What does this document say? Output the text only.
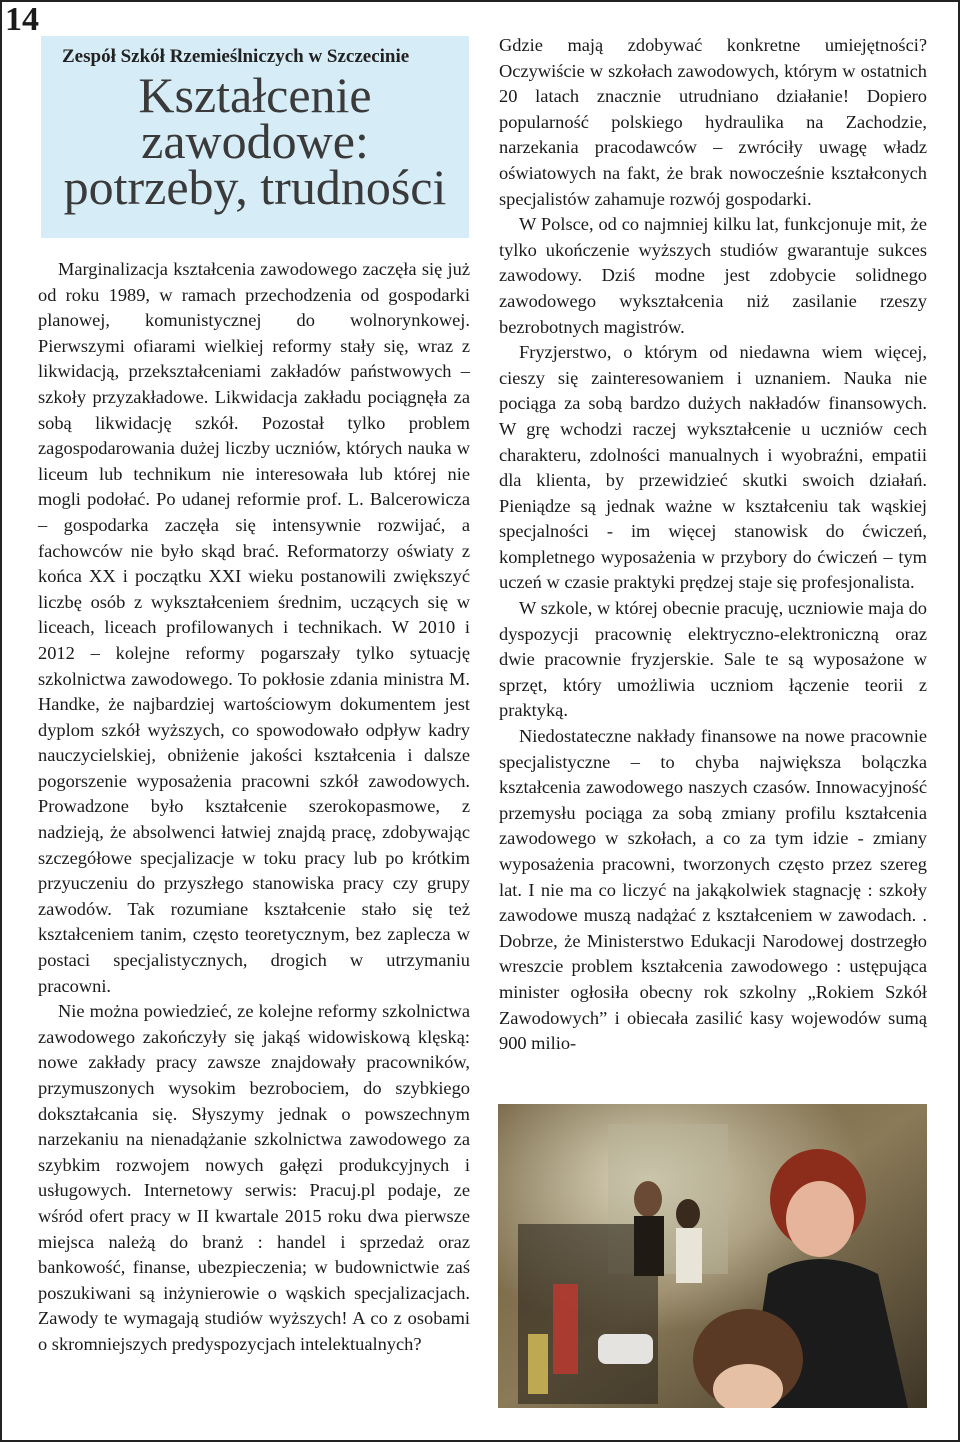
14
Zespół Szkół Rzemieślniczych w Szczecinie
Kształcenie
zawodowe:
potrzeby, trudności

Marginalizacja kształcenia zawodowego zaczęła się już od roku 1989, w ramach przechodzenia od gospodarki planowej, komunistycznej do wolnorynkowej. Pierwszymi ofiarami wielkiej reformy stały się, wraz z likwidacją, przekształceniami zakładów państwowych – szkoły przyzakładowe. Likwidacja zakładu pociągnęła za sobą likwidację szkół. Pozostał tylko problem zagospodarowania dużej liczby uczniów, których nauka w liceum lub technikum nie interesowała lub której nie mogli podołać. Po udanej reformie prof. L. Balcerowicza – gospodarka zaczęła się intensywnie rozwijać, a fachowców nie było skąd brać. Reformatorzy oświaty z końca XX i początku XXI wieku postanowili zwiększyć liczbę osób z wykształceniem średnim, uczących się w liceach, liceach profilowanych i technikach. W 2010 i 2012 – kolejne reformy pogarszały tylko sytuację szkolnictwa zawodowego. To pokłosie zdania ministra M. Handke, że najbardziej wartościowym dokumentem jest dyplom szkół wyższych, co spowodowało odpływ kadry nauczycielskiej, obniżenie jakości kształcenia i dalsze pogorszenie wyposażenia pracowni szkół zawodowych. Prowadzone było kształcenie szerokopasmowe, z nadzieją, że absolwenci łatwiej znajdą pracę, zdobywając szczegółowe specjalizacje w toku pracy lub po krótkim przyuczeniu do przyszłego stanowiska pracy czy grupy zawodów. Tak rozumiane kształcenie stało się też kształceniem tanim, często teoretycznym, bez zaplecza w postaci specjalistycznych, drogich w utrzymaniu pracowni.

Nie można powiedzieć, ze kolejne reformy szkolnictwa zawodowego zakończyły się jakąś widowiskową klęską: nowe zakłady pracy zawsze znajdowały pracowników, przymuszonych wysokim bezrobociem, do szybkiego dokształcania się. Słyszymy jednak o powszechnym narzekaniu na nienadążanie szkolnictwa zawodowego za szybkim rozwojem nowych gałęzi produkcyjnych i usługowych. Internetowy serwis: Pracuj.pl podaje, ze wśród ofert pracy w II kwartale 2015 roku dwa pierwsze miejsca należą do branż : handel i sprzedaż oraz bankowość, finanse, ubezpieczenia; w budownictwie zaś poszukiwani są inżynierowie o wąskich specjalizacjach. Zawody te wymagają studiów wyższych! A co z osobami o skromniejszych predyspozycjach intelektualnych?

Gdzie mają zdobywać konkretne umiejętności? Oczywiście w szkołach zawodowych, którym w ostatnich 20 latach znacznie utrudniano działanie! Dopiero popularność polskiego hydraulika na Zachodzie, narzekania pracodawców – zwróciły uwagę władz oświatowych na fakt, że brak nowocześnie kształconych specjalistów zahamuje rozwój gospodarki.

W Polsce, od co najmniej kilku lat, funkcjonuje mit, że tylko ukończenie wyższych studiów gwarantuje sukces zawodowy. Dziś modne jest zdobycie solidnego zawodowego wykształcenia niż zasilanie rzeszy bezrobotnych magistrów.

Fryzjerstwo, o którym od niedawna wiem więcej, cieszy się zainteresowaniem i uznaniem. Nauka nie pociąga za sobą bardzo dużych nakładów finansowych. W grę wchodzi raczej wykształcenie u uczniów cech charakteru, zdolności manualnych i wyobraźni, empatii dla klienta, by przewidzieć skutki swoich działań. Pieniądze są jednak ważne w kształceniu tak wąskiej specjalności - im więcej stanowisk do ćwiczeń, kompletnego wyposażenia w przybory do ćwiczeń – tym uczeń w czasie praktyki prędzej staje się profesjonalista.

W szkole, w której obecnie pracuję, uczniowie maja do dyspozycji pracownię elektryczno-elektroniczną oraz dwie pracownie fryzjerskie. Sale te są wyposażone w sprzęt, który umożliwia uczniom łączenie teorii z praktyką.

Niedostateczne nakłady finansowe na nowe pracownie specjalistyczne – to chyba największa bolączka kształcenia zawodowego naszych czasów. Innowacyjność przemysłu pociąga za sobą zmiany profilu kształcenia zawodowego w szkołach, a co za tym idzie - zmiany wyposażenia pracowni, tworzonych często przez szereg lat. I nie ma co liczyć na jakąkolwiek stagnację : szkoły zawodowe muszą nadążać z kształceniem w zawodach. . Dobrze, że Ministerstwo Edukacji Narodowej dostrzegło wreszcie problem kształcenia zawodowego : ustępująca minister ogłosiła obecny rok szkolny „Rokiem Szkół Zawodowych” i obiecała zasilić kasy wojewodów sumą 900 milio-
